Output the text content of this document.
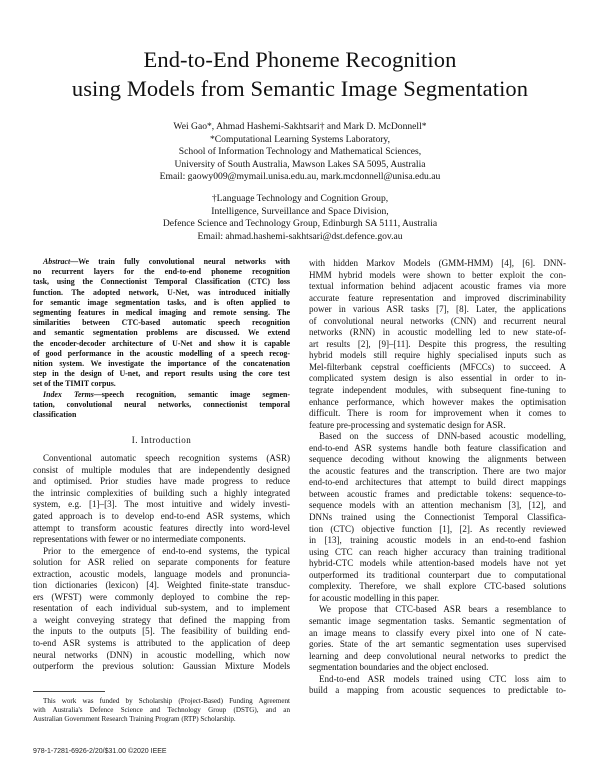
End-to-End Phoneme Recognition
using Models from Semantic Image Segmentation
Wei Gao*, Ahmad Hashemi-Sakhtsari† and Mark D. McDonnell*
*Computational Learning Systems Laboratory,
School of Information Technology and Mathematical Sciences,
University of South Australia, Mawson Lakes SA 5095, Australia
Email: gaowy009@mymail.unisa.edu.au, mark.mcdonnell@unisa.edu.au
†Language Technology and Cognition Group,
Intelligence, Surveillance and Space Division,
Defence Science and Technology Group, Edinburgh SA 5111, Australia
Email: ahmad.hashemi-sakhtsari@dst.defence.gov.au
Abstract—We train fully convolutional neural networks with
no recurrent layers for the end-to-end phoneme recognition
task, using the Connectionist Temporal Classification (CTC) loss
function. The adopted network, U-Net, was introduced initially
for semantic image segmentation tasks, and is often applied to
segmenting features in medical imaging and remote sensing. The
similarities between CTC-based automatic speech recognition
and semantic segmentation problems are discussed. We extend
the encoder-decoder architecture of U-Net and show it is capable
of good performance in the acoustic modelling of a speech recog-
nition system. We investigate the importance of the concatenation
step in the design of U-net, and report results using the core test
set of the TIMIT corpus.
Index Terms—speech recognition, semantic image segmen-
tation, convolutional neural networks, connectionist temporal
classification
I. Introduction
Conventional automatic speech recognition systems (ASR)
consist of multiple modules that are independently designed
and optimised. Prior studies have made progress to reduce
the intrinsic complexities of building such a highly integrated
system, e.g. [1]–[3]. The most intuitive and widely investi-
gated approach is to develop end-to-end ASR systems, which
attempt to transform acoustic features directly into word-level
representations with fewer or no intermediate components.
Prior to the emergence of end-to-end systems, the typical
solution for ASR relied on separate components for feature
extraction, acoustic models, language models and pronuncia-
tion dictionaries (lexicon) [4]. Weighted finite-state transduc-
ers (WFST) were commonly deployed to combine the rep-
resentation of each individual sub-system, and to implement
a weight conveying strategy that defined the mapping from
the inputs to the outputs [5]. The feasibility of building end-
to-end ASR systems is attributed to the application of deep
neural networks (DNN) in acoustic modelling, which now
outperform the previous solution: Gaussian Mixture Models
This work was funded by Scholarship (Project-Based) Funding Agreement
with Australia's Defence Science and Technology Group (DSTG), and an
Australian Government Research Training Program (RTP) Scholarship.
with hidden Markov Models (GMM-HMM) [4], [6]. DNN-
HMM hybrid models were shown to better exploit the con-
textual information behind adjacent acoustic frames via more
accurate feature representation and improved discriminability
power in various ASR tasks [7], [8]. Later, the applications
of convolutional neural networks (CNN) and recurrent neural
networks (RNN) in acoustic modelling led to new state-of-
art results [2], [9]–[11]. Despite this progress, the resulting
hybrid models still require highly specialised inputs such as
Mel-filterbank cepstral coefficients (MFCCs) to succeed. A
complicated system design is also essential in order to in-
tegrate independent modules, with subsequent fine-tuning to
enhance performance, which however makes the optimisation
difficult. There is room for improvement when it comes to
feature pre-processing and systematic design for ASR.
Based on the success of DNN-based acoustic modelling,
end-to-end ASR systems handle both feature classification and
sequence decoding without knowing the alignments between
the acoustic features and the transcription. There are two major
end-to-end architectures that attempt to build direct mappings
between acoustic frames and predictable tokens: sequence-to-
sequence models with an attention mechanism [3], [12], and
DNNs trained using the Connectionist Temporal Classifica-
tion (CTC) objective function [1], [2]. As recently reviewed
in [13], training acoustic models in an end-to-end fashion
using CTC can reach higher accuracy than training traditional
hybrid-CTC models while attention-based models have not yet
outperformed its traditional counterpart due to computational
complexity. Therefore, we shall explore CTC-based solutions
for acoustic modelling in this paper.
We propose that CTC-based ASR bears a resemblance to
semantic image segmentation tasks. Semantic segmentation of
an image means to classify every pixel into one of N cate-
gories. State of the art semantic segmentation uses supervised
learning and deep convolutional neural networks to predict the
segmentation boundaries and the object enclosed.
End-to-end ASR models trained using CTC loss aim to
build a mapping from acoustic sequences to predictable to-
978-1-7281-6926-2/20/$31.00 ©2020 IEEE
